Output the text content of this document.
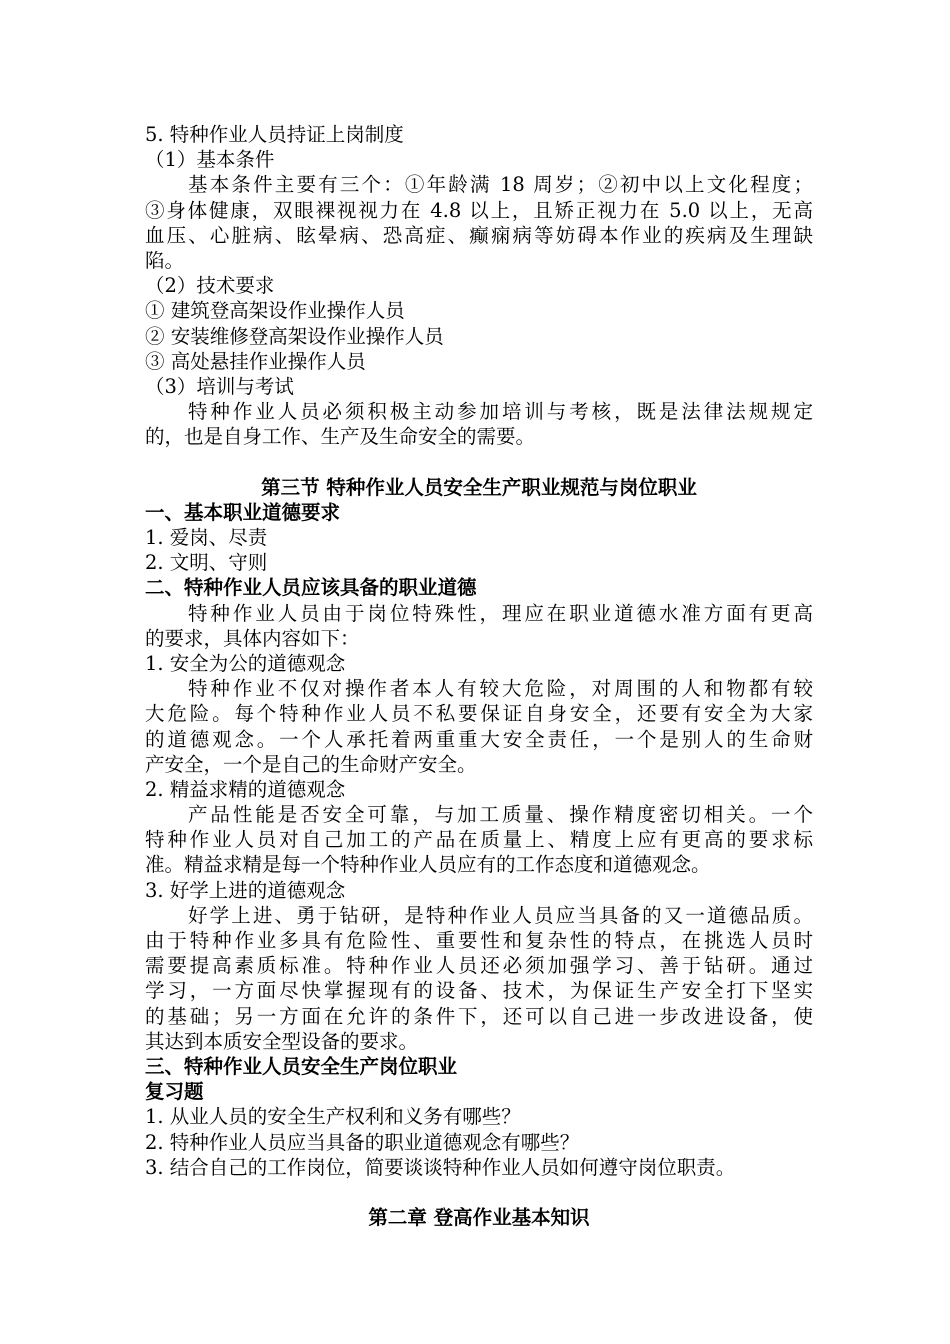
5. 特种作业人员持证上岗制度
（1）基本条件
基本条件主要有三个：①年龄满 18 周岁；②初中以上文化程度；
③身体健康，双眼裸视视力在 4.8 以上，且矫正视力在 5.0 以上，无高
血压、心脏病、眩晕病、恐高症、癫痫病等妨碍本作业的疾病及生理缺
陷。
（2）技术要求
① 建筑登高架设作业操作人员
② 安装维修登高架设作业操作人员
③ 高处悬挂作业操作人员
（3）培训与考试
特种作业人员必须积极主动参加培训与考核，既是法律法规规定
的，也是自身工作、生产及生命安全的需要。
第三节 特种作业人员安全生产职业规范与岗位职业
一、基本职业道德要求
1. 爱岗、尽责
2. 文明、守则
二、特种作业人员应该具备的职业道德
特种作业人员由于岗位特殊性，理应在职业道德水准方面有更高
的要求，具体内容如下：
1. 安全为公的道德观念
特种作业不仅对操作者本人有较大危险，对周围的人和物都有较
大危险。每个特种作业人员不私要保证自身安全，还要有安全为大家
的道德观念。一个人承托着两重重大安全责任，一个是别人的生命财
产安全，一个是自己的生命财产安全。
2. 精益求精的道德观念
产品性能是否安全可靠，与加工质量、操作精度密切相关。一个
特种作业人员对自己加工的产品在质量上、精度上应有更高的要求标
准。精益求精是每一个特种作业人员应有的工作态度和道德观念。
3. 好学上进的道德观念
好学上进、勇于钻研，是特种作业人员应当具备的又一道德品质。
由于特种作业多具有危险性、重要性和复杂性的特点，在挑选人员时
需要提高素质标准。特种作业人员还必须加强学习、善于钻研。通过
学习，一方面尽快掌握现有的设备、技术，为保证生产安全打下坚实
的基础；另一方面在允许的条件下，还可以自己进一步改进设备，使
其达到本质安全型设备的要求。
三、特种作业人员安全生产岗位职业
复习题
1. 从业人员的安全生产权利和义务有哪些？
2. 特种作业人员应当具备的职业道德观念有哪些？
3. 结合自己的工作岗位，简要谈谈特种作业人员如何遵守岗位职责。
第二章 登高作业基本知识
